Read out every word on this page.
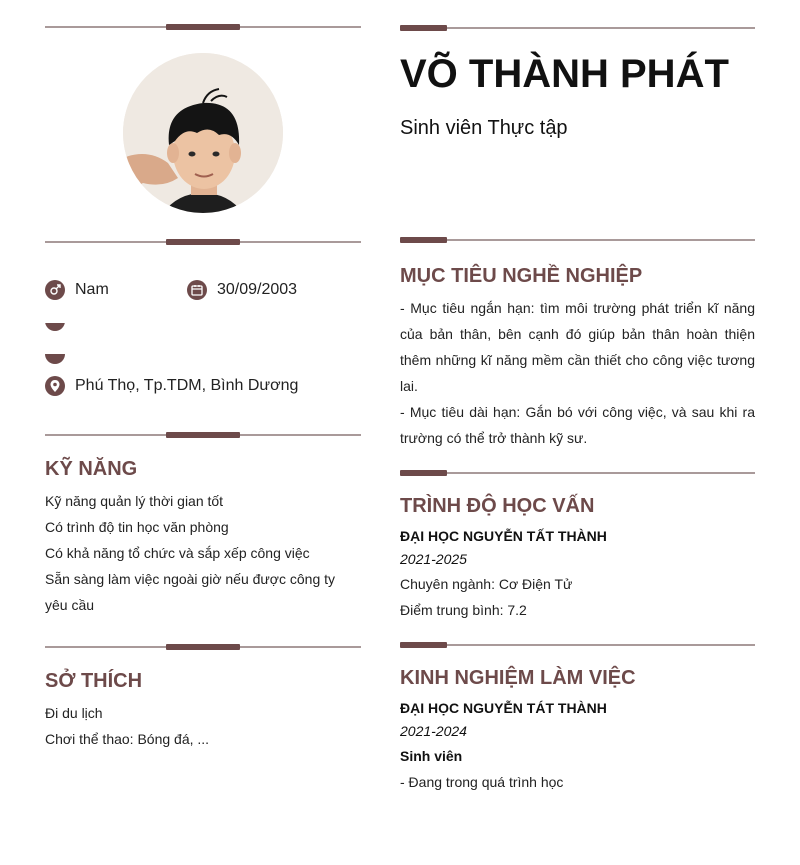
Nam	30/09/2003
Phú Thọ, Tp.TDM, Bình Dương
KỸ NĂNG
Kỹ năng quản lý thời gian tốt
Có trình độ tin học văn phòng
Có khả năng tổ chức và sắp xếp công việc
Sẵn sàng làm việc ngoài giờ nếu được công ty yêu cầu
SỞ THÍCH
Đi du lịch
Chơi thể thao: Bóng đá, ...
VÕ THÀNH PHÁT
Sinh viên Thực tập
MỤC TIÊU NGHỀ NGHIỆP
- Mục tiêu ngắn hạn: tìm môi trường phát triển kĩ năng của bản thân, bên cạnh đó giúp bản thân hoàn thiện thêm những kĩ năng mềm cần thiết cho công việc tương lai.
- Mục tiêu dài hạn: Gắn bó với công việc, và sau khi ra trường có thể trở thành kỹ sư.
TRÌNH ĐỘ HỌC VẤN
ĐẠI HỌC NGUYỄN TẤT THÀNH
2021-2025
Chuyên ngành: Cơ Điện Tử
Điểm trung bình: 7.2
KINH NGHIỆM LÀM VIỆC
ĐẠI HỌC NGUYỄN TÁT THÀNH
2021-2024
Sinh viên
- Đang trong quá trình học
